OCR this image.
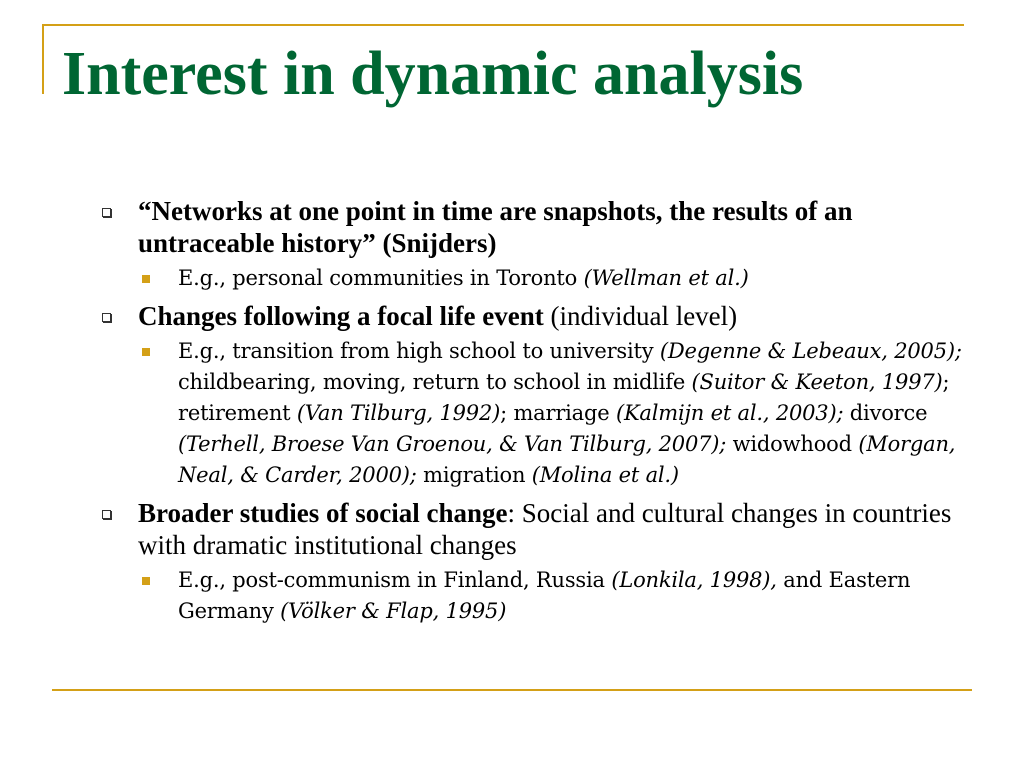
Interest in dynamic analysis
“Networks at one point in time are snapshots, the results of an untraceable history” (Snijders)
E.g., personal communities in Toronto (Wellman et al.)
Changes following a focal life event (individual level)
E.g., transition from high school to university (Degenne & Lebeaux, 2005); childbearing, moving, return to school in midlife (Suitor & Keeton, 1997); retirement (Van Tilburg, 1992); marriage (Kalmijn et al., 2003); divorce (Terhell, Broese Van Groenou, & Van Tilburg, 2007); widowhood (Morgan, Neal, & Carder, 2000); migration (Molina et al.)
Broader studies of social change: Social and cultural changes in countries with dramatic institutional changes
E.g., post-communism in Finland, Russia (Lonkila, 1998), and Eastern Germany (Völker & Flap, 1995)
